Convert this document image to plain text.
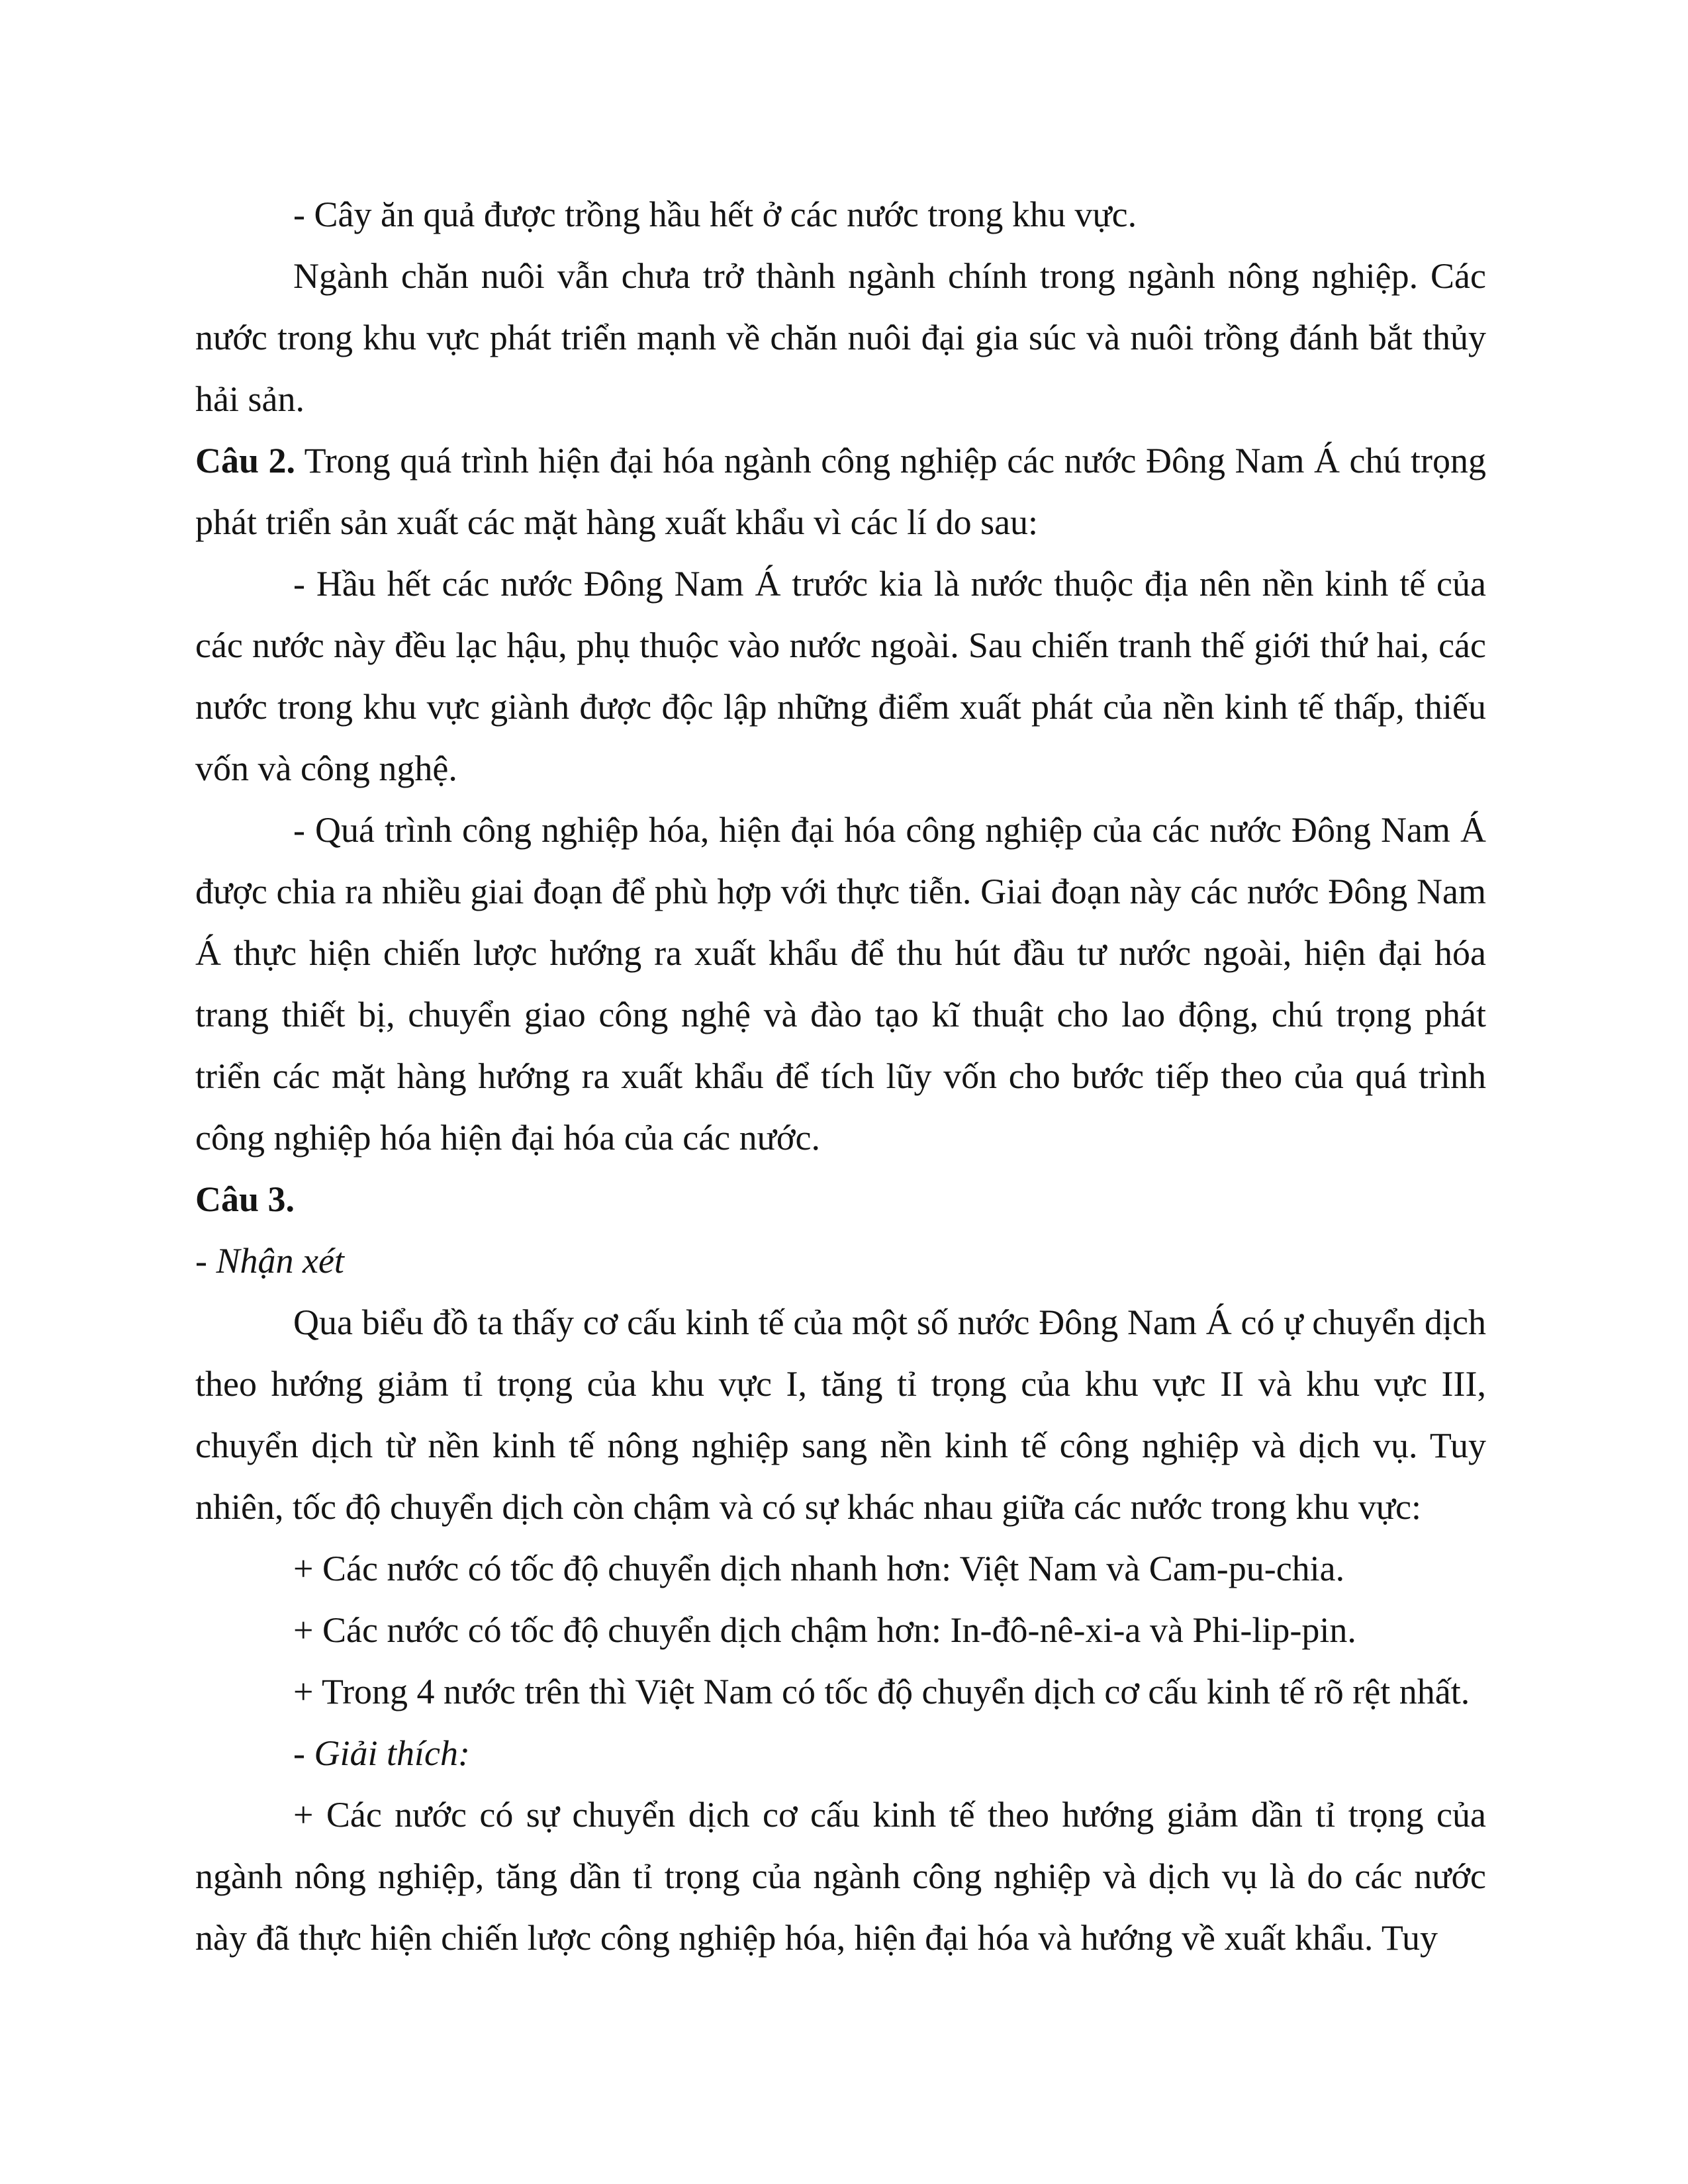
- Cây ăn quả được trồng hầu hết ở các nước trong khu vực.

Ngành chăn nuôi vẫn chưa trở thành ngành chính trong ngành nông nghiệp. Các nước trong khu vực phát triển mạnh về chăn nuôi đại gia súc và nuôi trồng đánh bắt thủy hải sản.

Câu 2. Trong quá trình hiện đại hóa ngành công nghiệp các nước Đông Nam Á chú trọng phát triển sản xuất các mặt hàng xuất khẩu vì các lí do sau:

- Hầu hết các nước Đông Nam Á trước kia là nước thuộc địa nên nền kinh tế của các nước này đều lạc hậu, phụ thuộc vào nước ngoài. Sau chiến tranh thế giới thứ hai, các nước trong khu vực giành được độc lập những điểm xuất phát của nền kinh tế thấp, thiếu vốn và công nghệ.

- Quá trình công nghiệp hóa, hiện đại hóa công nghiệp của các nước Đông Nam Á được chia ra nhiều giai đoạn để phù hợp với thực tiễn. Giai đoạn này các nước Đông Nam Á thực hiện chiến lược hướng ra xuất khẩu để thu hút đầu tư nước ngoài, hiện đại hóa trang thiết bị, chuyển giao công nghệ và đào tạo kĩ thuật cho lao động, chú trọng phát triển các mặt hàng hướng ra xuất khẩu để tích lũy vốn cho bước tiếp theo của quá trình công nghiệp hóa hiện đại hóa của các nước.

Câu 3.

- Nhận xét

Qua biểu đồ ta thấy cơ cấu kinh tế của một số nước Đông Nam Á có ự chuyển dịch theo hướng giảm tỉ trọng của khu vực I, tăng tỉ trọng của khu vực II và khu vực III, chuyển dịch từ nền kinh tế nông nghiệp sang nền kinh tế công nghiệp và dịch vụ. Tuy nhiên, tốc độ chuyển dịch còn chậm và có sự khác nhau giữa các nước trong khu vực:

+ Các nước có tốc độ chuyển dịch nhanh hơn: Việt Nam và Cam-pu-chia.

+ Các nước có tốc độ chuyển dịch chậm hơn: In-đô-nê-xi-a và Phi-lip-pin.

+ Trong 4 nước trên thì Việt Nam có tốc độ chuyển dịch cơ cấu kinh tế rõ rệt nhất.

- Giải thích:

+ Các nước có sự chuyển dịch cơ cấu kinh tế theo hướng giảm dần tỉ trọng của ngành nông nghiệp, tăng dần tỉ trọng của ngành công nghiệp và dịch vụ là do các nước này đã thực hiện chiến lược công nghiệp hóa, hiện đại hóa và hướng về xuất khẩu. Tuy
